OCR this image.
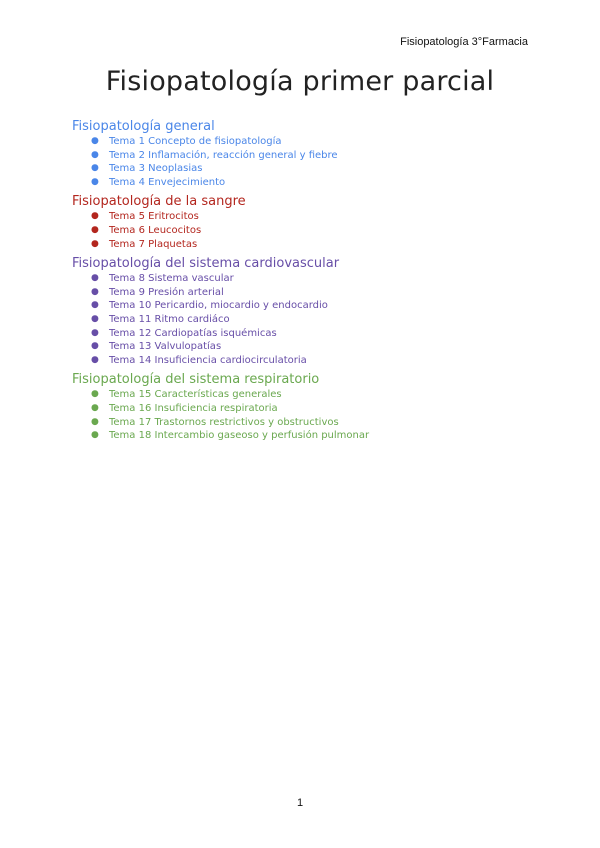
Fisiopatología 3°Farmacia
Fisiopatología primer parcial
Fisiopatología general
● Tema 1 Concepto de fisiopatología
● Tema 2 Inflamación, reacción general y fiebre
● Tema 3 Neoplasias
● Tema 4 Envejecimiento
Fisiopatología de la sangre
● Tema 5 Eritrocitos
● Tema 6 Leucocitos
● Tema 7 Plaquetas
Fisiopatología del sistema cardiovascular
● Tema 8 Sistema vascular
● Tema 9 Presión arterial
● Tema 10 Pericardio, miocardio y endocardio
● Tema 11 Ritmo cardiáco
● Tema 12 Cardiopatías isquémicas
● Tema 13 Valvulopatías
● Tema 14 Insuficiencia cardiocirculatoria
Fisiopatología del sistema respiratorio
● Tema 15 Características generales
● Tema 16 Insuficiencia respiratoria
● Tema 17 Trastornos restrictivos y obstructivos
● Tema 18 Intercambio gaseoso y perfusión pulmonar
1
